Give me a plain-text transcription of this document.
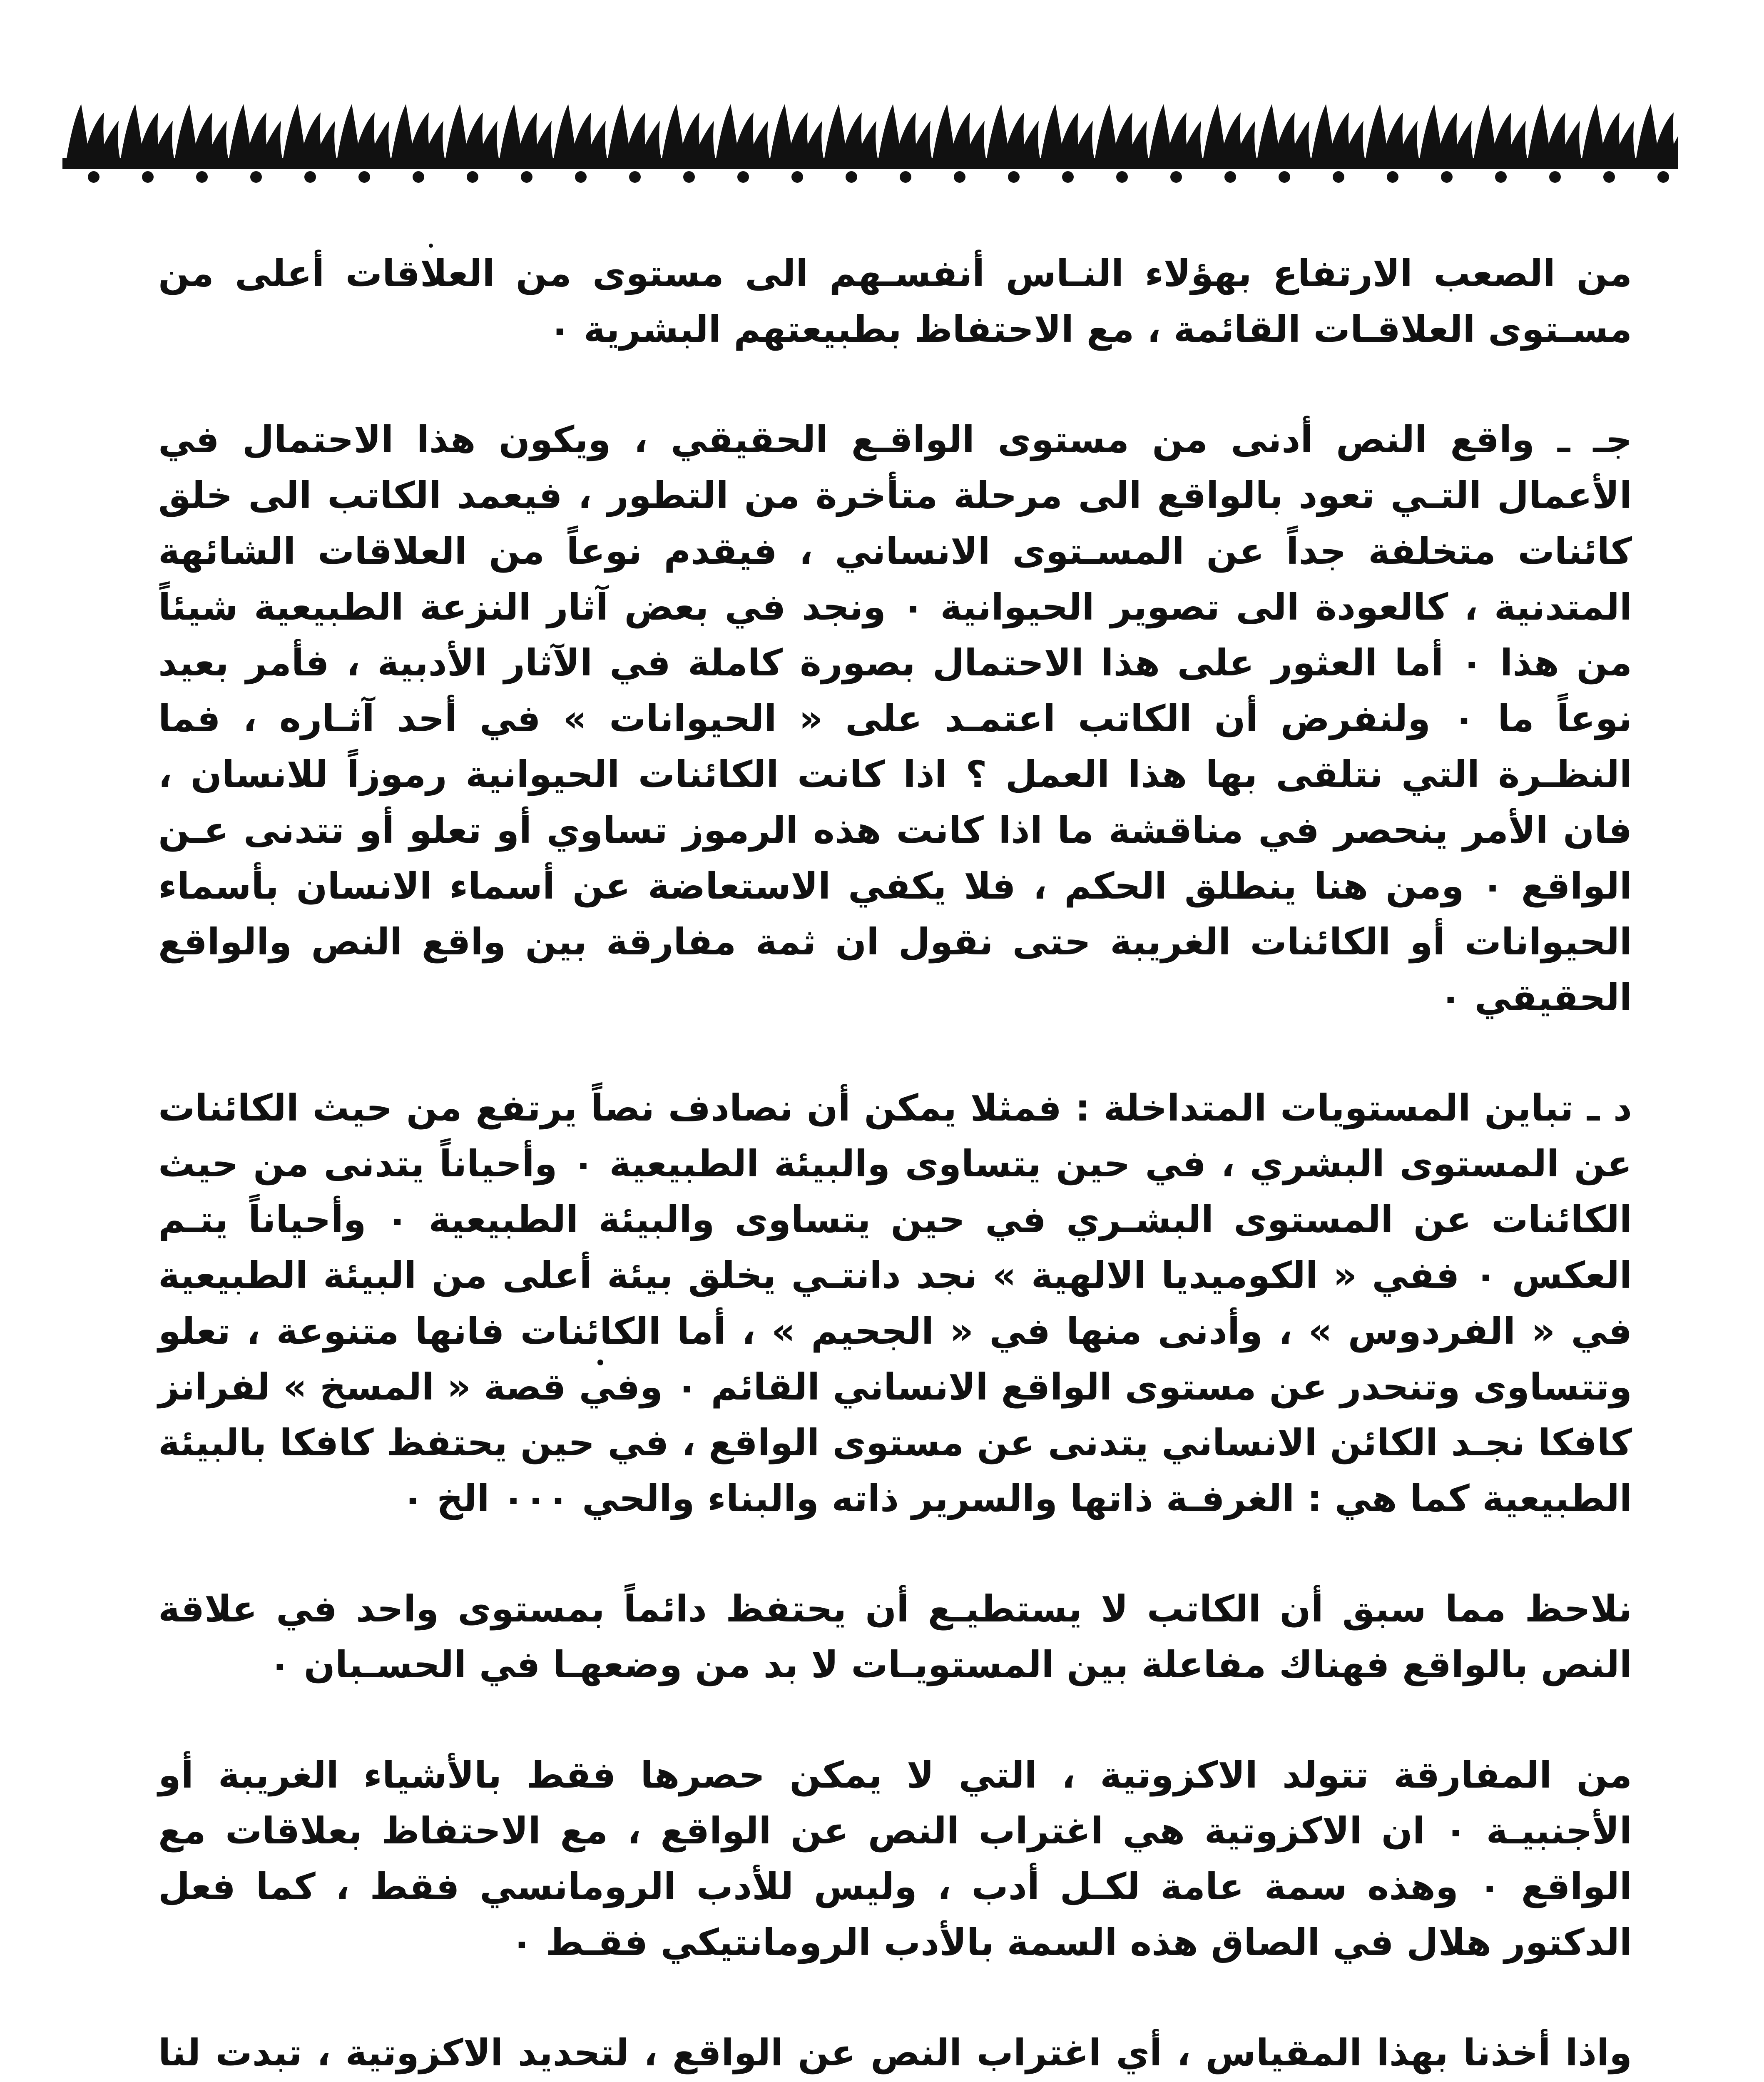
من الصعب الارتفاع بهؤلاء النـاس أنفسـهم الى مستوى من العلاقات أعلى من مسـتوى العلاقـات القائمة ، مع الاحتفاظ بطبيعتهم البشرية ٠

جـ ـ واقع النص أدنى من مستوى الواقـع الحقيقي ، ويكون هذا الاحتمال في الأعمال التـي تعود بالواقع الى مرحلة متأخرة من التطور ، فيعمد الكاتب الى خلق كائنات متخلفة جداً عن المسـتوى الانساني ، فيقدم نوعاً من العلاقات الشائهة المتدنية ، كالعودة الى تصوير الحيوانية ٠ ونجد في بعض آثار النزعة الطبيعية شيئاً من هذا ٠ أما العثور على هذا الاحتمال بصورة كاملة في الآثار الأدبية ، فأمر بعيد نوعاً ما ٠ ولنفرض أن الكاتب اعتمـد على « الحيوانات » في أحد آثـاره ، فما النظـرة التي نتلقى بها هذا العمل ؟ اذا كانت الكائنات الحيوانية رموزاً للانسان ، فان الأمر ينحصر في مناقشة ما اذا كانت هذه الرموز تساوي أو تعلو أو تتدنى عـن الواقع ٠ ومن هنا ينطلق الحكم ، فلا يكفي الاستعاضة عن أسماء الانسان بأسماء الحيوانات أو الكائنات الغريبة حتى نقول ان ثمة مفارقة بين واقع النص والواقع الحقيقي ٠

د ـ تباين المستويات المتداخلة : فمثلا يمكن أن نصادف نصاً يرتفع من حيث الكائنات عن المستوى البشري ، في حين يتساوى والبيئة الطبيعية ٠ وأحياناً يتدنى من حيث الكائنات عن المستوى البشـري في حين يتساوى والبيئة الطبيعية ٠ وأحياناً يتـم العكس ٠ ففي « الكوميديا الالهية » نجد دانتـي يخلق بيئة أعلى من البيئة الطبيعية في « الفردوس » ، وأدنى منها في « الجحيم » ، أما الكائنات فانها متنوعة ، تعلو وتتساوى وتنحدر عن مستوى الواقع الانساني القائم ٠ وفي قصة « المسخ » لفرانز كافكا نجـد الكائن الانساني يتدنى عن مستوى الواقع ، في حين يحتفظ كافكا بالبيئة الطبيعية كما هي : الغرفـة ذاتها والسرير ذاته والبناء والحي ٠٠٠ الخ ٠

نلاحظ مما سبق أن الكاتب لا يستطيـع أن يحتفظ دائماً بمستوى واحد في علاقة النص بالواقع فهناك مفاعلة بين المستويـات لا بد من وضعهـا في الحسـبان ٠

من المفارقة تتولد الاكزوتية ، التي لا يمكن حصرها فقط بالأشياء الغريبة أو الأجنبيـة ٠ ان الاكزوتية هي اغتراب النص عن الواقع ، مع الاحتفاظ بعلاقات مع الواقع ٠ وهذه سمة عامة لكـل أدب ، وليس للأدب الرومانسي فقط ، كما فعل الدكتور هلال في الصاق هذه السمة بالأدب الرومانتيكي فقـط ٠

واذا أخذنا بهذا المقياس ، أي اغتراب النص عن الواقع ، لتحديد الاكزوتية ، تبدت لنا
